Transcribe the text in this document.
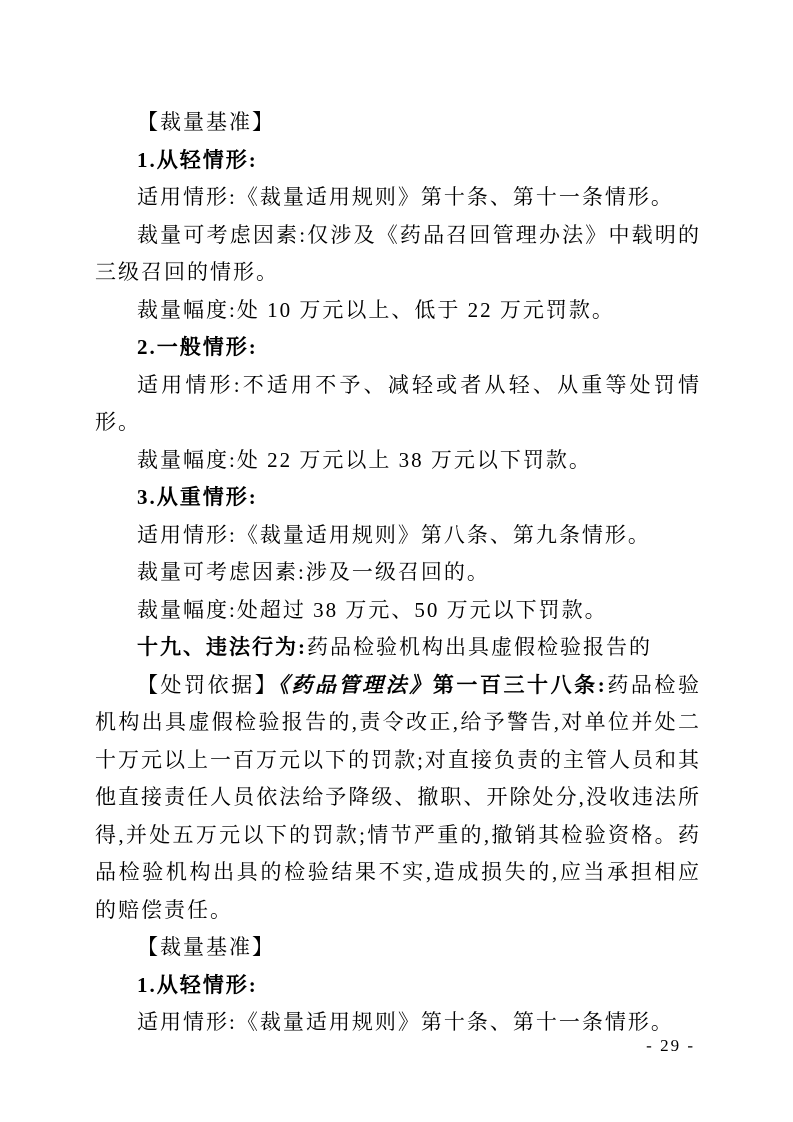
【裁量基准】

1.从轻情形:

适用情形:《裁量适用规则》第十条、第十一条情形。

裁量可考虑因素:仅涉及《药品召回管理办法》中载明的三级召回的情形。

裁量幅度:处 10 万元以上、低于 22 万元罚款。

2.一般情形:

适用情形:不适用不予、减轻或者从轻、从重等处罚情形。

裁量幅度:处 22 万元以上 38 万元以下罚款。

3.从重情形:

适用情形:《裁量适用规则》第八条、第九条情形。

裁量可考虑因素:涉及一级召回的。

裁量幅度:处超过 38 万元、50 万元以下罚款。

十九、违法行为:药品检验机构出具虚假检验报告的

【处罚依据】《药品管理法》第一百三十八条:药品检验机构出具虚假检验报告的,责令改正,给予警告,对单位并处二十万元以上一百万元以下的罚款;对直接负责的主管人员和其他直接责任人员依法给予降级、撤职、开除处分,没收违法所得,并处五万元以下的罚款;情节严重的,撤销其检验资格。药品检验机构出具的检验结果不实,造成损失的,应当承担相应的赔偿责任。

【裁量基准】

1.从轻情形:

适用情形:《裁量适用规则》第十条、第十一条情形。

- 29 -
